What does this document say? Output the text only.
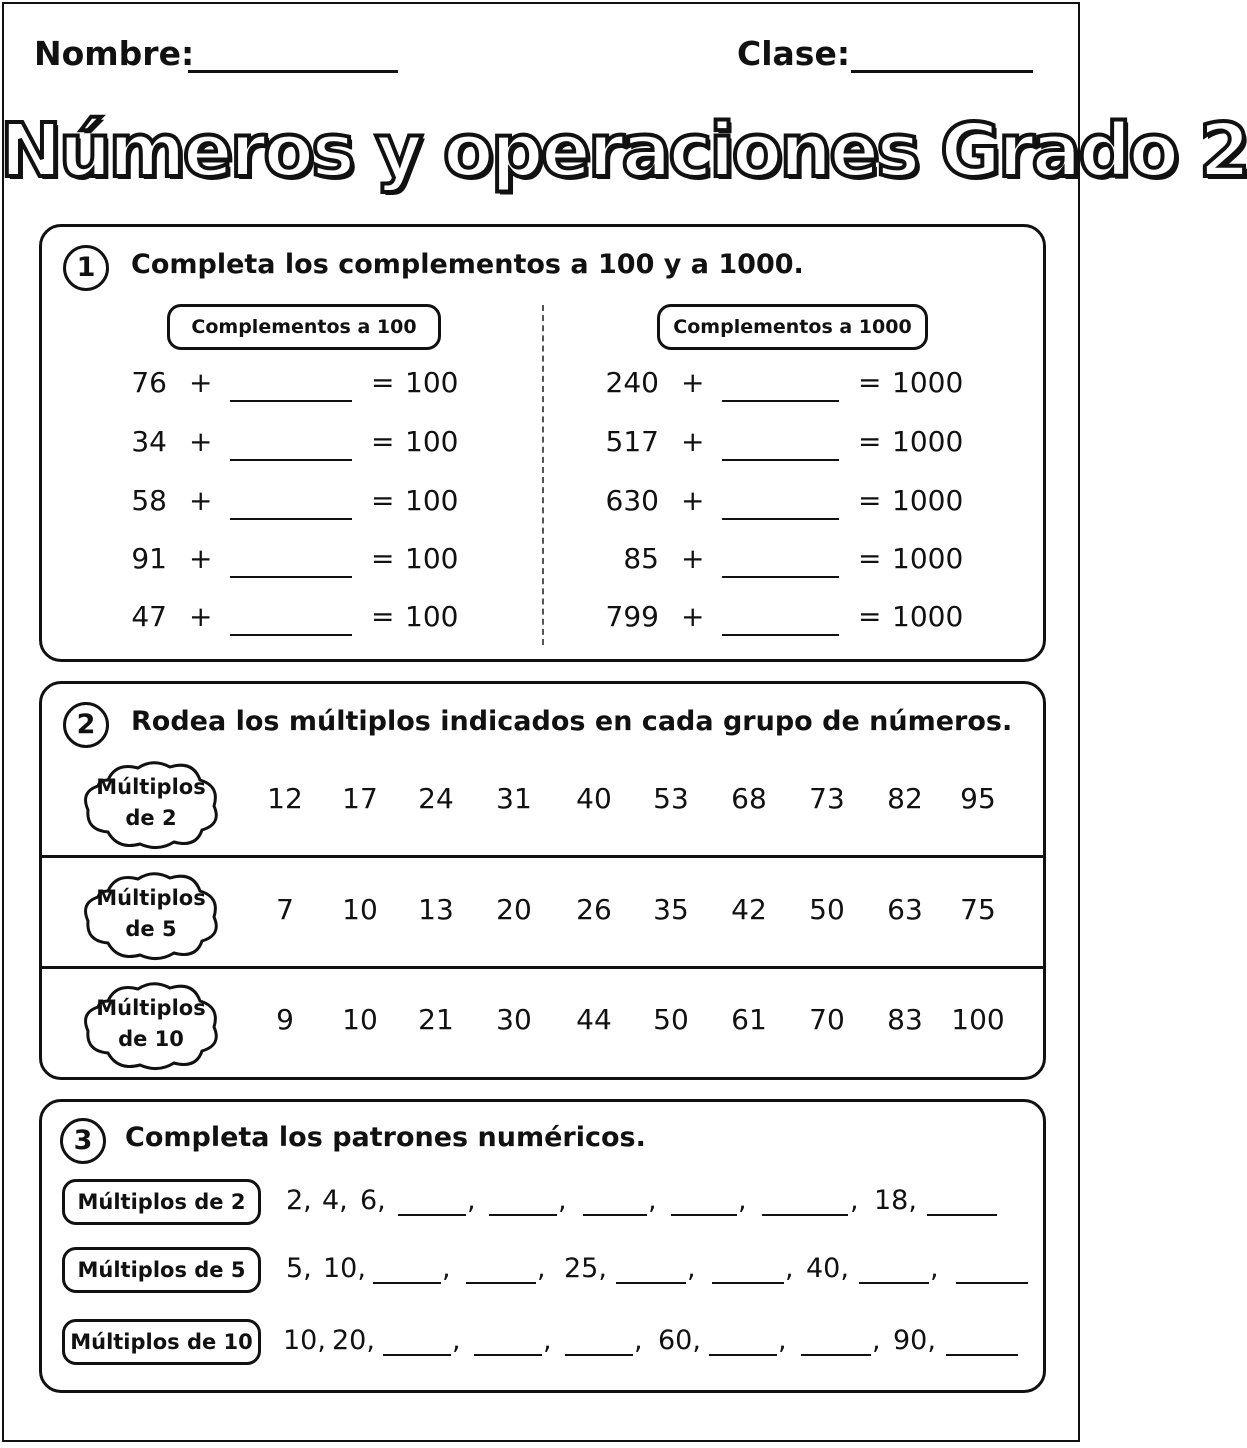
Nombre:	Clase:
Números y operaciones Grado 2
1	Completa los complementos a 100 y a 1000.
Complementos a 100	Complementos a 1000
76 +	= 100
34 +	= 100
58 +	= 100
91 +	= 100
47 +	= 100
240 +	= 1000
517 +	= 1000
630 +	= 1000
85 +	= 1000
799 +	= 1000
2	Rodea los múltiplos indicados en cada grupo de números.
Múltiplos
de 2
12	17	24	31	40	53	68	73	82	95
Múltiplos
de 5
7	10	13	20	26	35	42	50	63	75
Múltiplos
de 10
9	10	21	30	44	50	61	70	83	100
3	Completa los patrones numéricos.
Múltiplos de 2	2, 4, 6,	,	,	,	,	, 18,
Múltiplos de 5	5, 10,	,	, 25,	,	, 40,	,
Múltiplos de 10	10, 20,	,	,	, 60,	,	, 90,
